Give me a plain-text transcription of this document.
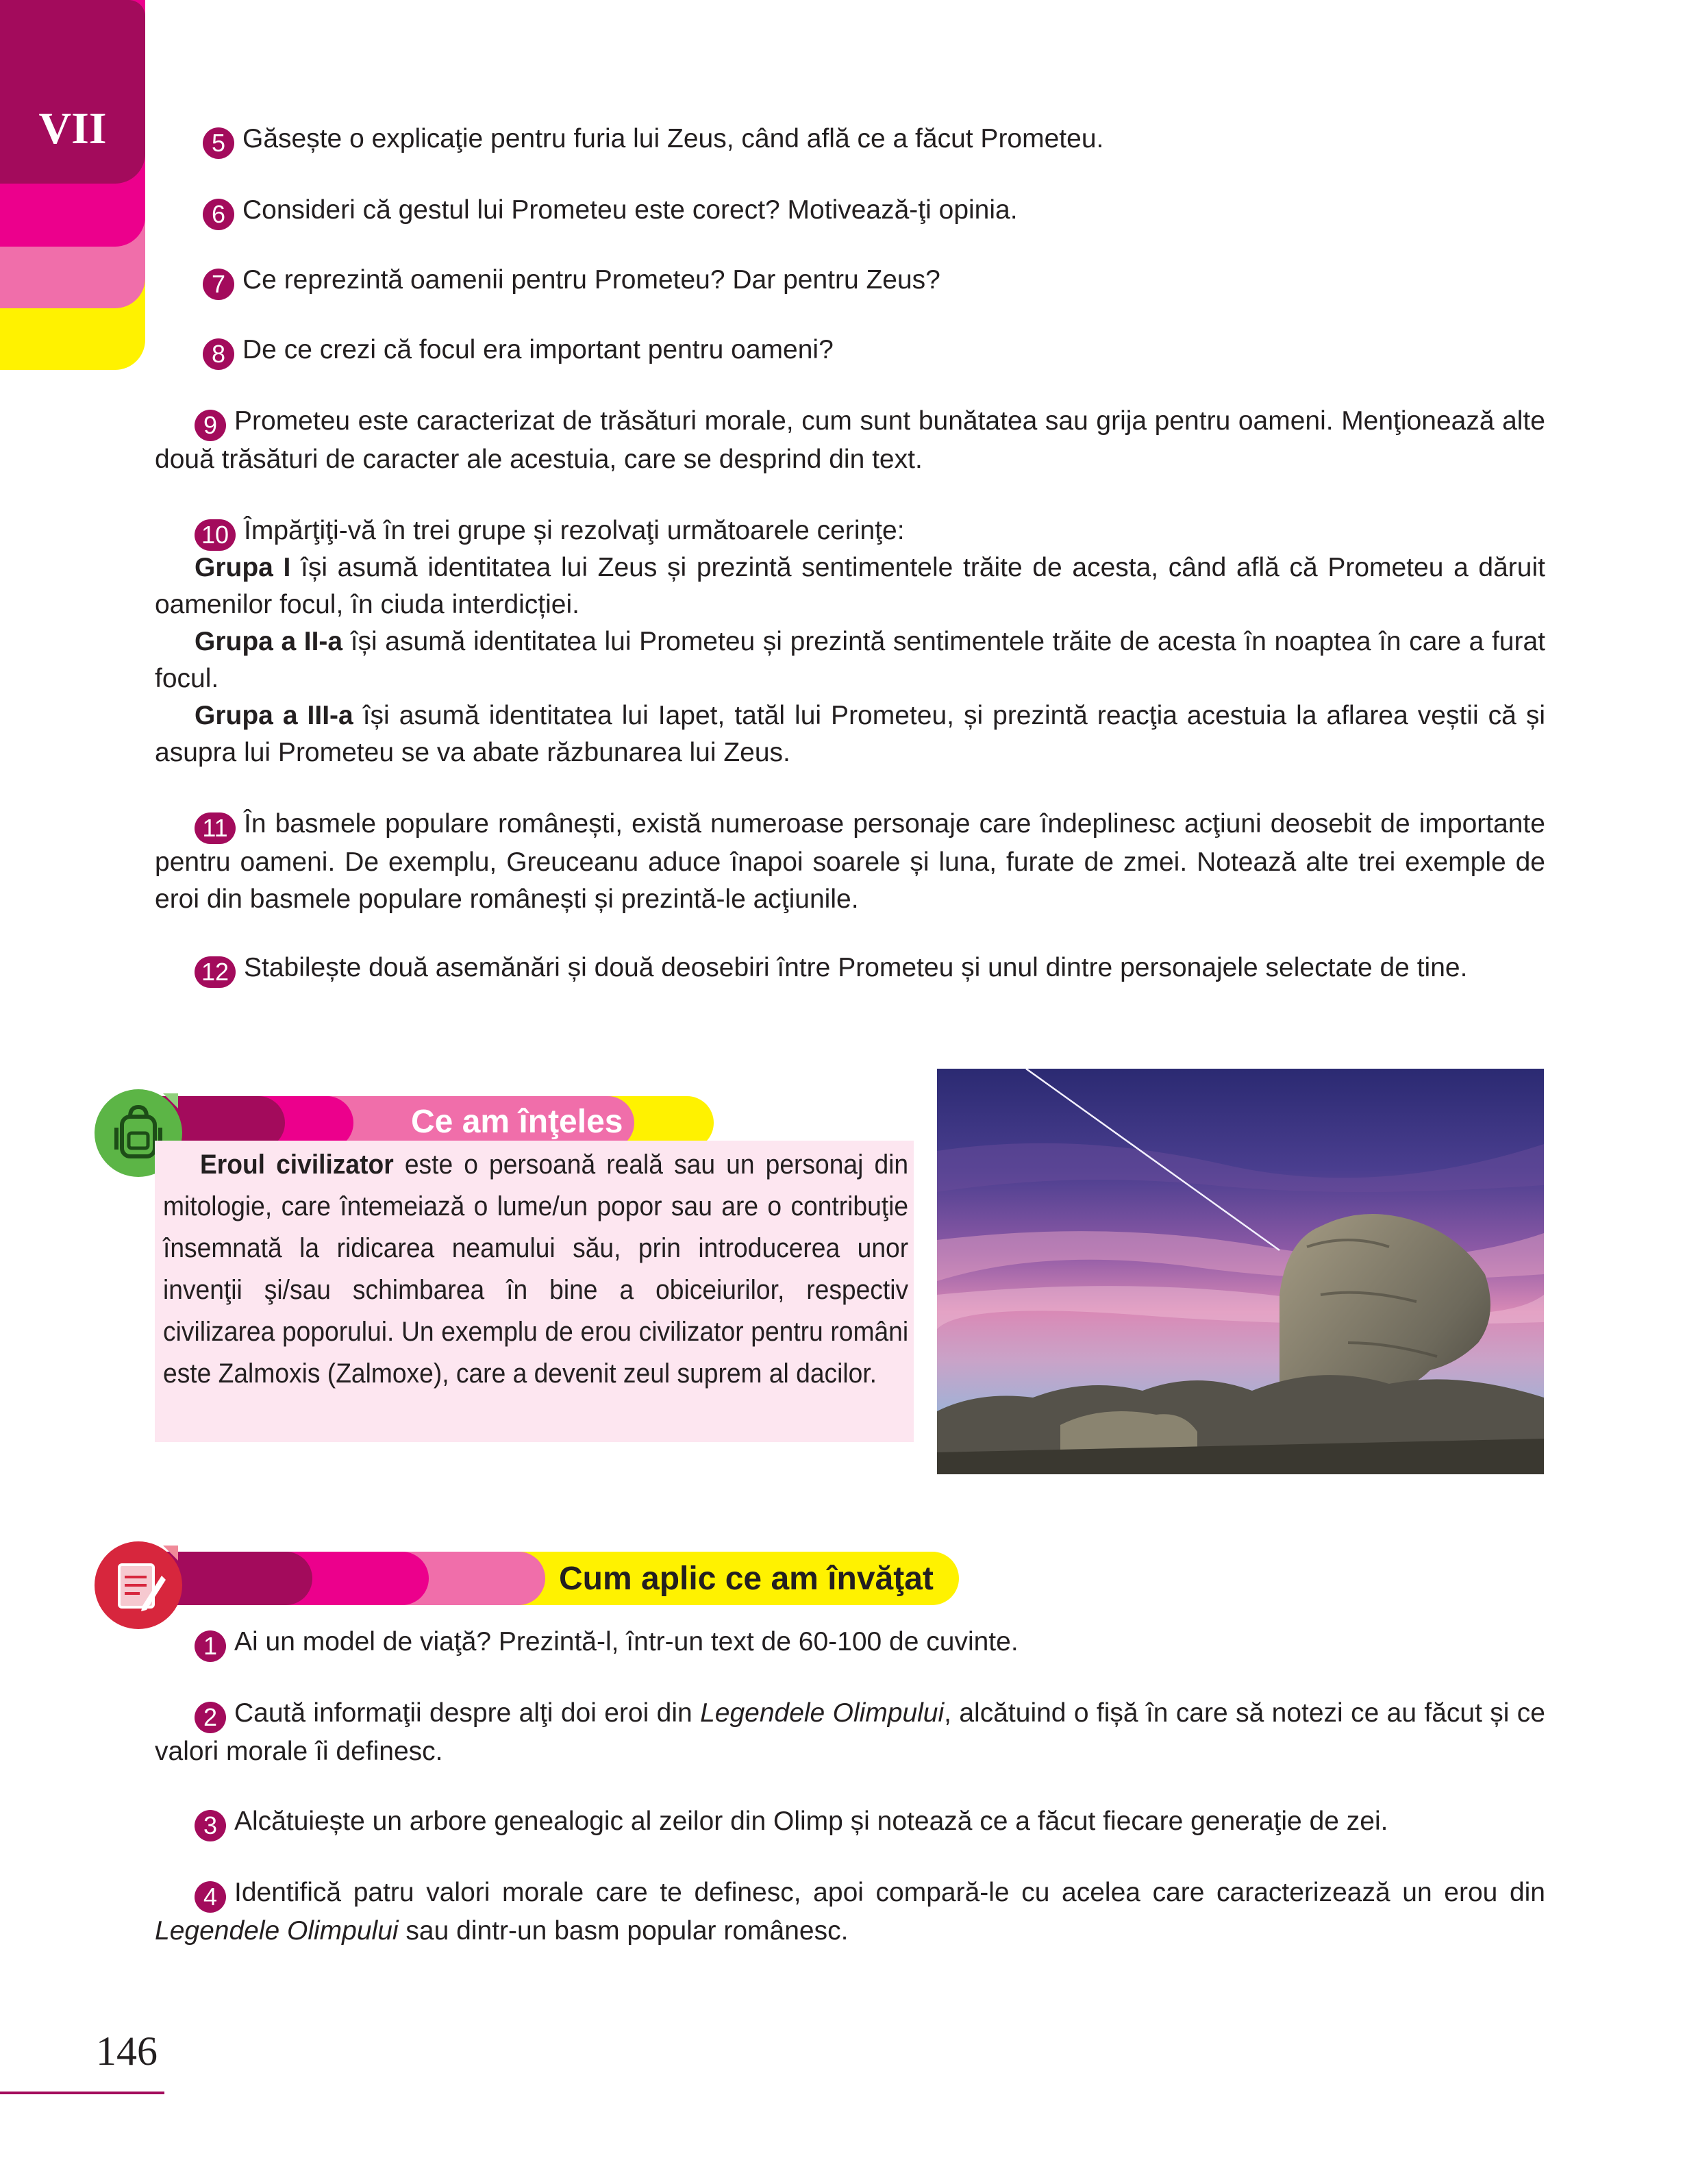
VII	5 Găsește o explicaţie pentru furia lui Zeus, când află ce a făcut Prometeu.

6 Consideri că gestul lui Prometeu este corect? Motivează-ţi opinia.

7 Ce reprezintă oamenii pentru Prometeu? Dar pentru Zeus?

8 De ce crezi că focul era important pentru oameni?

9 Prometeu este caracterizat de trăsături morale, cum sunt bunătatea sau grija pentru oameni. Menţionează alte două trăsături de caracter ale acestuia, care se desprind din text.

10 Împărţiţi-vă în trei grupe și rezolvaţi următoarele cerinţe:

Grupa I își asumă identitatea lui Zeus și prezintă sentimentele trăite de acesta, când află că Prometeu a dăruit oamenilor focul, în ciuda interdicției.

Grupa a II-a își asumă identitatea lui Prometeu și prezintă sentimentele trăite de acesta în noaptea în care a furat focul.

Grupa a III-a își asumă identitatea lui Iapet, tatăl lui Prometeu, și prezintă reacţia acestuia la aflarea veștii că și asupra lui Prometeu se va abate răzbunarea lui Zeus.

11 În basmele populare românești, există numeroase personaje care îndeplinesc acţiuni deosebit de importante pentru oameni. De exemplu, Greuceanu aduce înapoi soarele și luna, furate de zmei. Notează alte trei exemple de eroi din basmele populare românești și prezintă-le acţiunile.

12 Stabilește două asemănări și două deosebiri între Prometeu și unul dintre personajele selectate de tine.

Ce am înţeles

Eroul civilizator este o persoană reală sau un personaj din mitologie, care întemeiază o lume/un popor sau are o contribuţie însemnată la ridicarea neamului său, prin introducerea unor invenţii şi/sau schimbarea în bine a obiceiurilor, respectiv civilizarea poporului. Un exemplu de erou civilizator pentru români este Zalmoxis (Zalmoxe), care a devenit zeul suprem al dacilor.

Cum aplic ce am învăţat

1 Ai un model de viaţă? Prezintă-l, într-un text de 60-100 de cuvinte.

2 Caută informaţii despre alţi doi eroi din Legendele Olimpului, alcătuind o fișă în care să notezi ce au făcut și ce valori morale îi definesc.

3 Alcătuiește un arbore genealogic al zeilor din Olimp și notează ce a făcut fiecare generaţie de zei.

4 Identifică patru valori morale care te definesc, apoi compară-le cu acelea care caracterizează un erou din Legendele Olimpului sau dintr-un basm popular românesc.

146
